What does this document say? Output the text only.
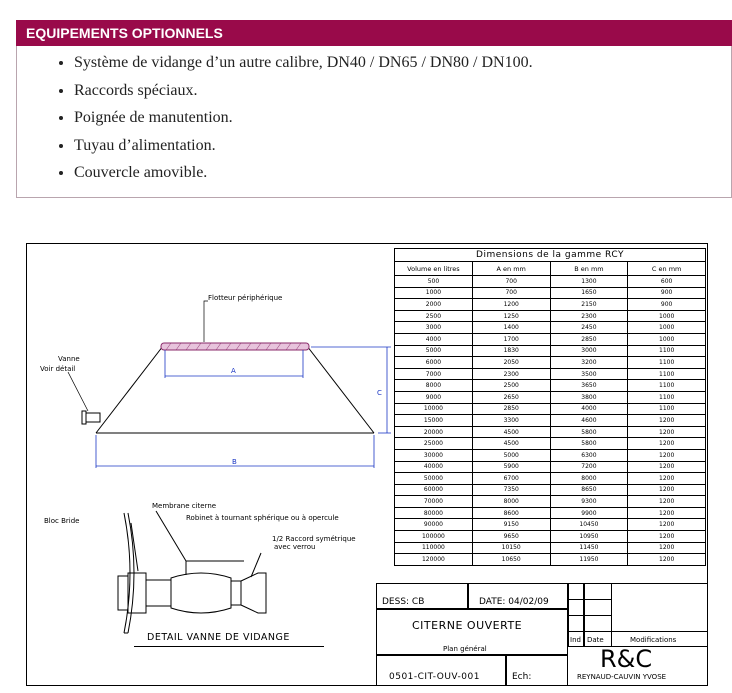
EQUIPEMENTS OPTIONNELS
• Système de vidange d’un autre calibre, DN40 / DN65 / DN80 / DN100.
• Raccords spéciaux.
• Poignée de manutention.
• Tuyau d’alimentation.
• Couvercle amovible.
Flotteur périphérique
Vanne
Voir détail	A
B
C
Membrane citerne
Robinet à tournant sphérique ou à opercule
Bloc Bride
1/2 Raccord symétrique
avec verrou
DETAIL VANNE DE VIDANGE
Dimensions de la gamme RCY			
Volume en litres	A en mm	B en mm	C en mm
500	700	1300	600
1000	700	1650	900
2000	1200	2150	900
2500	1250	2300	1000
3000	1400	2450	1000
4000	1700	2850	1000
5000	1830	3000	1100
6000	2050	3200	1100
7000	2300	3500	1100
8000	2500	3650	1100
9000	2650	3800	1100
10000	2850	4000	1100
15000	3300	4600	1200
20000	4500	5800	1200
25000	4500	5800	1200
30000	5000	6300	1200
40000	5900	7200	1200
50000	6700	8000	1200
60000	7350	8650	1200
70000	8000	9300	1200
80000	8600	9900	1200
90000	9150	10450	1200
100000	9650	10950	1200
110000	10150	11450	1200
120000	10650	11950	1200
DESS: CB	DATE: 04/02/09
CITERNE OUVERTE
Plan général
Ind Date	Modifications
0501-CIT-OUV-001	Ech:
R&C
REYNAUD-CAUVIN YVOSE
